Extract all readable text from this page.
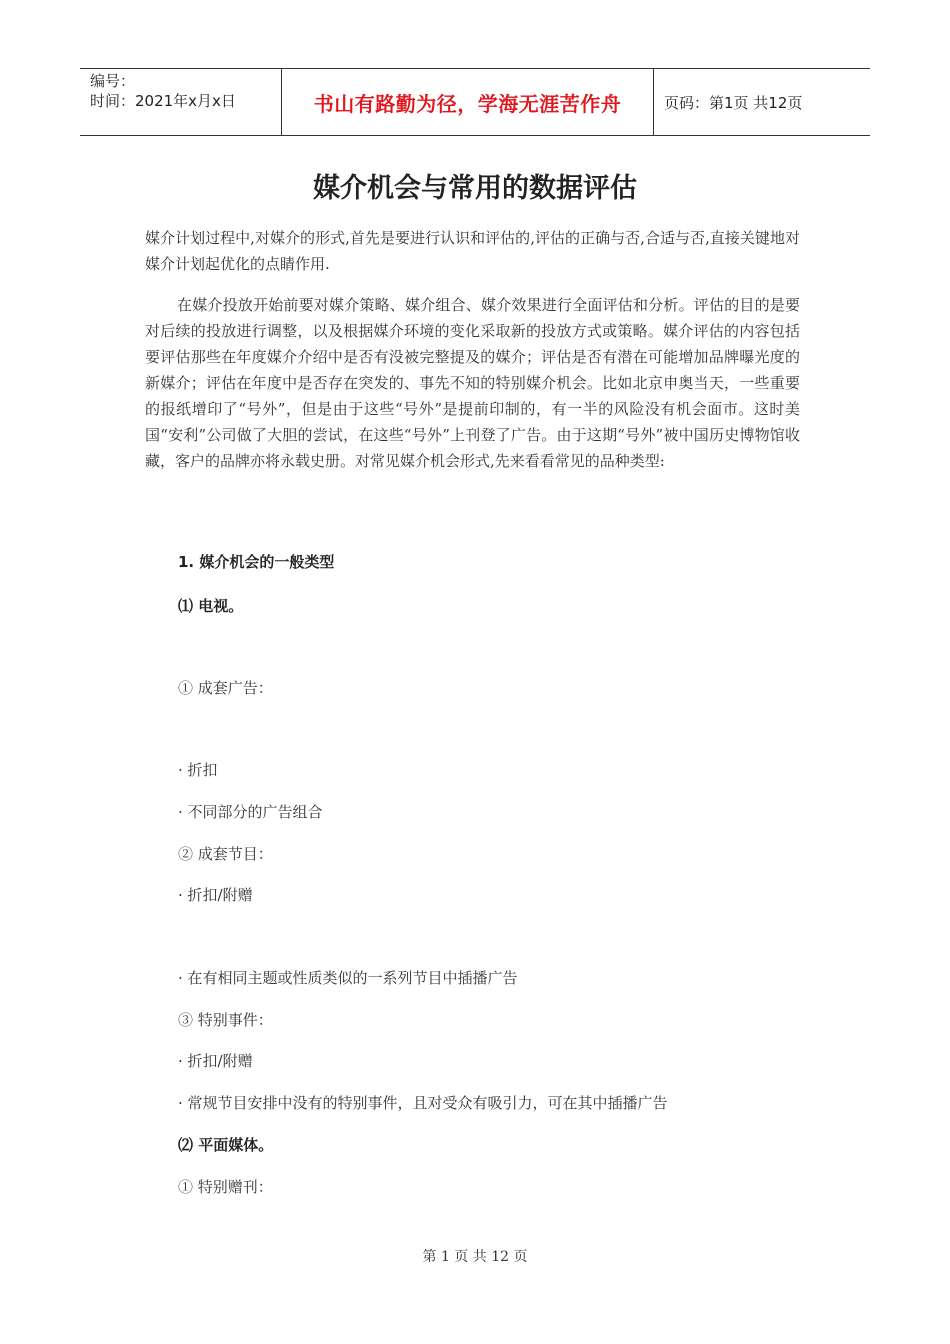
编号：
时间：2021年x月x日	书山有路勤为径，学海无涯苦作舟	页码：第1页 共12页
媒介机会与常用的数据评估
媒介计划过程中,对媒介的形式,首先是要进行认识和评估的,评估的正确与否,合适与否,直接关键地对媒介计划起优化的点睛作用.
在媒介投放开始前要对媒介策略、媒介组合、媒介效果进行全面评估和分析。评估的目的是要对后续的投放进行调整，以及根据媒介环境的变化采取新的投放方式或策略。媒介评估的内容包括要评估那些在年度媒介介绍中是否有没被完整提及的媒介；评估是否有潜在可能增加品牌曝光度的新媒介；评估在年度中是否存在突发的、事先不知的特别媒介机会。比如北京申奥当天，一些重要的报纸增印了“号外”，但是由于这些“号外”是提前印制的，有一半的风险没有机会面市。这时美国“安利”公司做了大胆的尝试，在这些“号外”上刊登了广告。由于这期“号外”被中国历史博物馆收藏，客户的品牌亦将永载史册。对常见媒介机会形式,先来看看常见的品种类型:
1. 媒介机会的一般类型
⑴ 电视。
① 成套广告：
· 折扣
· 不同部分的广告组合
② 成套节目：
· 折扣/附赠
· 在有相同主题或性质类似的一系列节目中插播广告
③ 特别事件：
· 折扣/附赠
· 常规节目安排中没有的特别事件，且对受众有吸引力，可在其中插播广告
⑵ 平面媒体。
① 特别赠刊：
第 1 页 共 12 页
